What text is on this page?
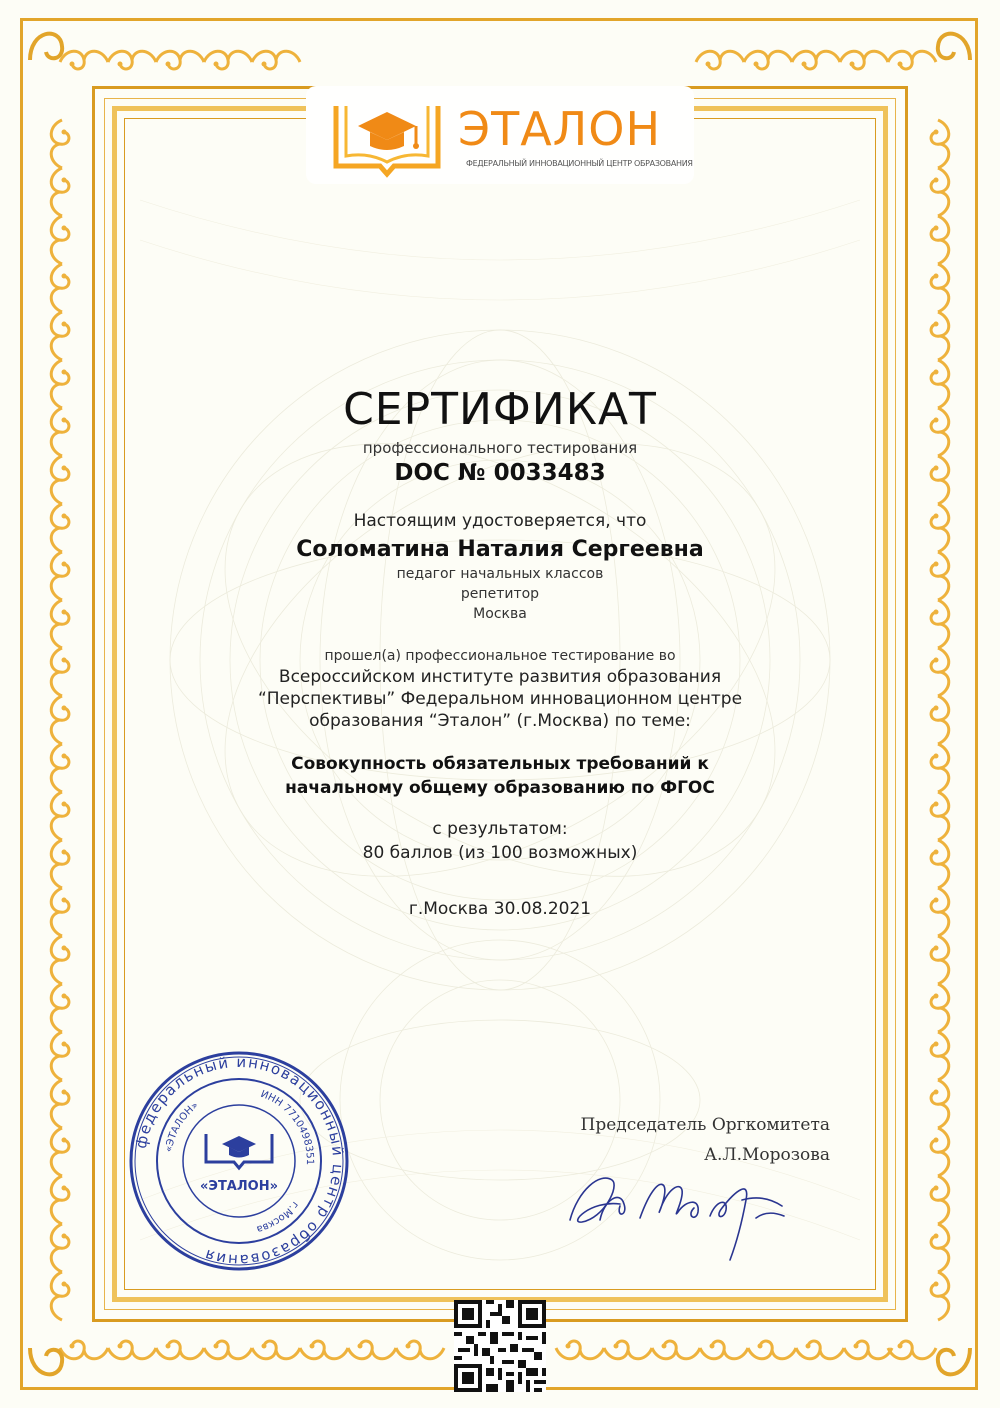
ЭТАЛОН
ФЕДЕРАЛЬНЫЙ ИННОВАЦИОННЫЙ ЦЕНТР ОБРАЗОВАНИЯ
СЕРТИФИКАТ
профессионального тестирования
DOC № 0033483
Настоящим удостоверяется, что
Соломатина Наталия Сергеевна
педагог начальных классов
репетитор
Москва
прошел(а) профессиональное тестирование во
Всероссийском институте развития образования
“Перспективы” Федеральном инновационном центре
образования “Эталон” (г.Москва) по теме:
Совокупность обязательных требований к
начальному общему образованию по ФГОС
с результатом:
80 баллов (из 100 возможных)
г.Москва 30.08.2021
федеральный инновационный центр образования
ИНН 7710498351
г.Москва
«ЭТАЛОН»
«ЭТАЛОН»
Председатель Оргкомитета
А.Л.Морозова
